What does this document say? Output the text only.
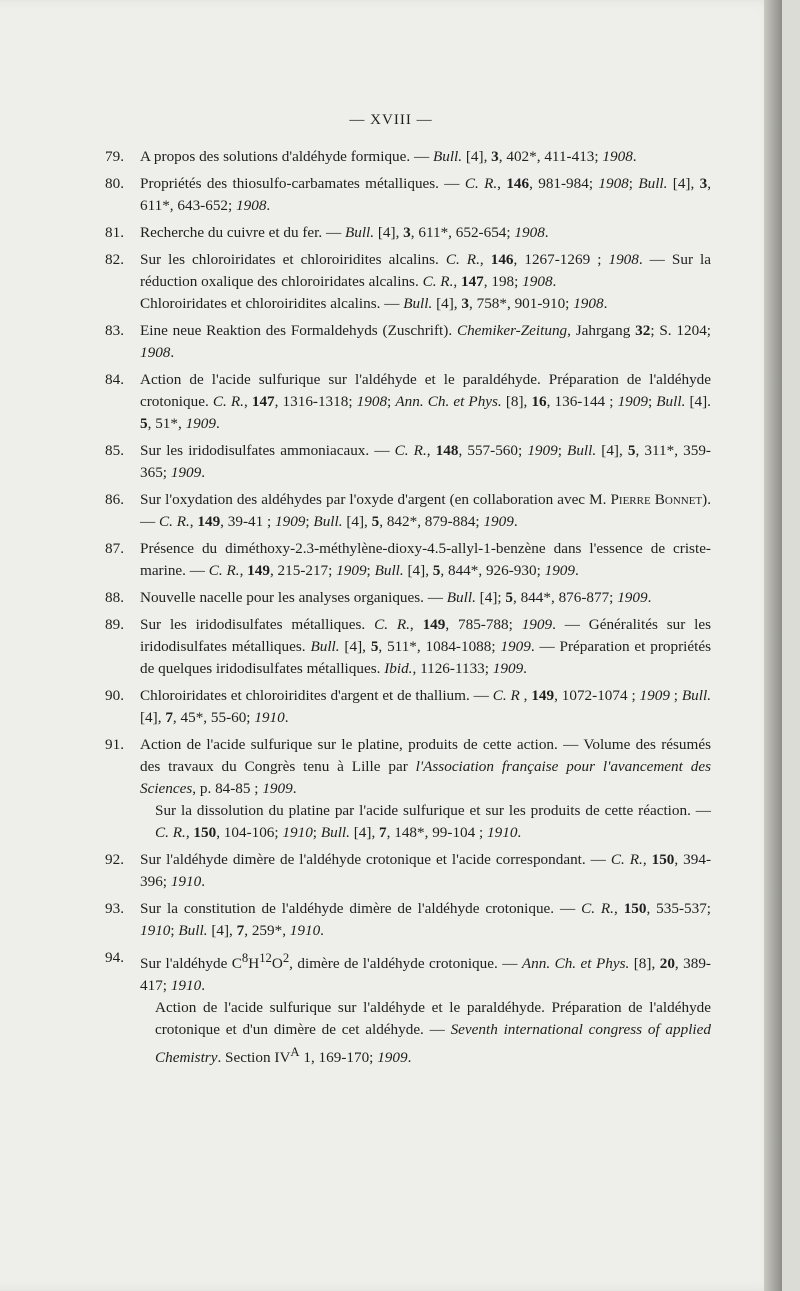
— XVIII —
79. A propos des solutions d'aldéhyde formique. — Bull. [4], 3, 402*, 411-413; 1908.
80. Propriétés des thiosulfo-carbamates métalliques. — C. R., 146, 981-984; 1908; Bull. [4], 3, 611*, 643-652; 1908.
81. Recherche du cuivre et du fer. — Bull. [4], 3, 611*, 652-654; 1908.
82. Sur les chloroiridates et chloroiridites alcalins. C. R., 146, 1267-1269 ; 1908. — Sur la réduction oxalique des chloroiridates alcalins. C. R., 147, 198; 1908.
Chloroiridates et chloroiridites alcalins. — Bull. [4], 3, 758*, 901-910; 1908.
83. Eine neue Reaktion des Formaldehyds (Zuschrift). Chemiker-Zeitung, Jahrgang 32; S. 1204; 1908.
84. Action de l'acide sulfurique sur l'aldéhyde et le paraldéhyde. Préparation de l'aldéhyde crotonique. C. R., 147, 1316-1318; 1908; Ann. Ch. et Phys. [8], 16, 136-144 ; 1909; Bull. [4]. 5, 51*, 1909.
85. Sur les iridodisulfates ammoniacaux. — C. R., 148, 557-560; 1909; Bull. [4], 5, 311*, 359-365; 1909.
86. Sur l'oxydation des aldéhydes par l'oxyde d'argent (en collaboration avec M. Pierre Bonnet). — C. R., 149, 39-41 ; 1909; Bull. [4], 5, 842*, 879-884; 1909.
87. Présence du diméthoxy-2.3-méthylène-dioxy-4.5-allyl-1-benzène dans l'essence de criste-marine. — C. R., 149, 215-217; 1909; Bull. [4], 5, 844*, 926-930; 1909.
88. Nouvelle nacelle pour les analyses organiques. — Bull. [4]; 5, 844*, 876-877; 1909.
89. Sur les iridodisulfates métalliques. C. R., 149, 785-788; 1909. — Généralités sur les iridodisulfates métalliques. Bull. [4], 5, 511*, 1084-1088; 1909. — Préparation et propriétés de quelques iridodisulfates métalliques. Ibid., 1126-1133; 1909.
90. Chloroiridates et chloroiridites d'argent et de thallium. — C. R , 149, 1072-1074 ; 1909 ; Bull. [4], 7, 45*, 55-60; 1910.
91. Action de l'acide sulfurique sur le platine, produits de cette action. — Volume des résumés des travaux du Congrès tenu à Lille par l'Association française pour l'avancement des Sciences, p. 84-85 ; 1909.
Sur la dissolution du platine par l'acide sulfurique et sur les produits de cette réaction. — C. R., 150, 104-106; 1910; Bull. [4], 7, 148*, 99-104 ; 1910.
92. Sur l'aldéhyde dimère de l'aldéhyde crotonique et l'acide correspondant. — C. R., 150, 394-396; 1910.
93. Sur la constitution de l'aldéhyde dimère de l'aldéhyde crotonique. — C. R., 150, 535-537; 1910; Bull. [4], 7, 259*, 1910.
94. Sur l'aldéhyde $C^8H^{12}O^2$, dimère de l'aldéhyde crotonique. — Ann. Ch. et Phys. [8], 20, 389-417; 1910.
Action de l'acide sulfurique sur l'aldéhyde et le paraldéhyde. Préparation de l'aldéhyde crotonique et d'un dimère de cet aldéhyde. — Seventh international congress of applied Chemistry. Section $IV^A$ 1, 169-170; 1909.
